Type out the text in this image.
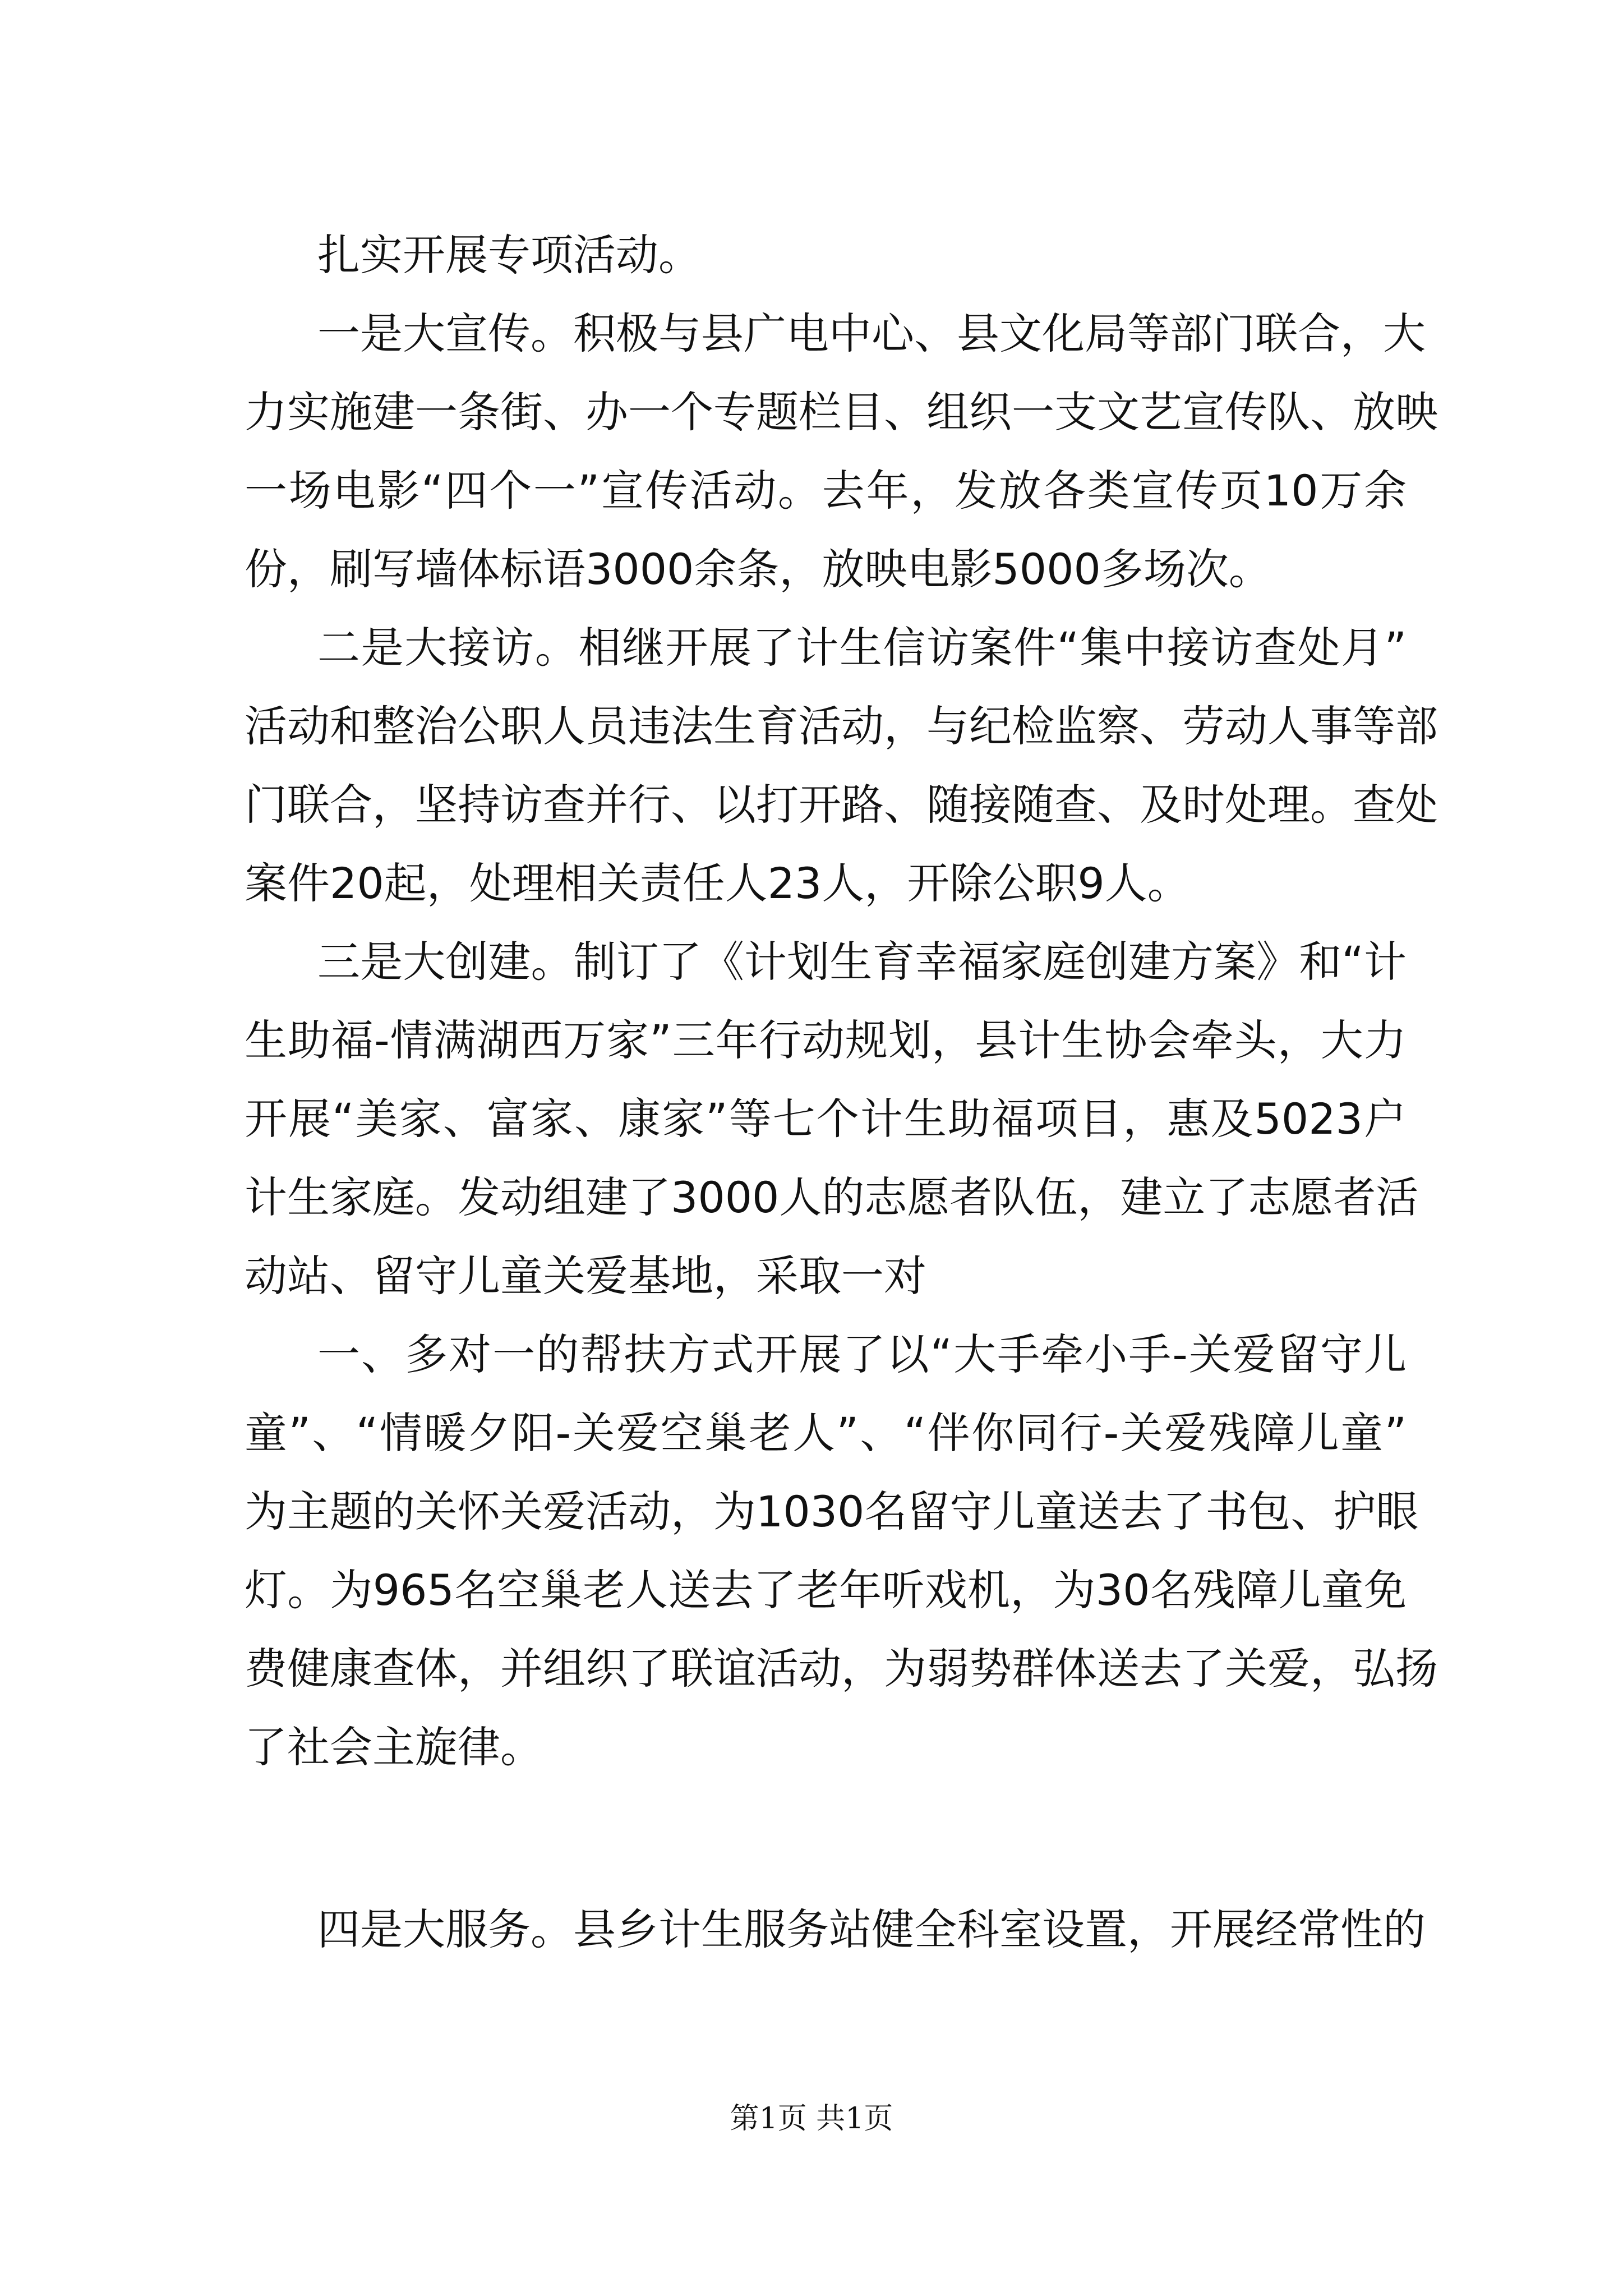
扎实开展专项活动。
一是大宣传。积极与县广电中心、县文化局等部门联合，大
力实施建一条街、办一个专题栏目、组织一支文艺宣传队、放映
一场电影“四个一”宣传活动。去年，发放各类宣传页10万余
份，刷写墙体标语3000余条，放映电影5000多场次。
二是大接访。相继开展了计生信访案件“集中接访查处月”
活动和整治公职人员违法生育活动，与纪检监察、劳动人事等部
门联合，坚持访查并行、以打开路、随接随查、及时处理。查处
案件20起，处理相关责任人23人，开除公职9人。
三是大创建。制订了《计划生育幸福家庭创建方案》和“计
生助福-情满湖西万家”三年行动规划，县计生协会牵头，大力
开展“美家、富家、康家”等七个计生助福项目，惠及5023户
计生家庭。发动组建了3000人的志愿者队伍，建立了志愿者活
动站、留守儿童关爱基地，采取一对
一、多对一的帮扶方式开展了以“大手牵小手-关爱留守儿
童”、“情暖夕阳-关爱空巢老人”、“伴你同行-关爱残障儿童”
为主题的关怀关爱活动，为1030名留守儿童送去了书包、护眼
灯。为965名空巢老人送去了老年听戏机，为30名残障儿童免
费健康查体，并组织了联谊活动，为弱势群体送去了关爱，弘扬
了社会主旋律。
四是大服务。县乡计生服务站健全科室设置，开展经常性的
第1页 共1页
